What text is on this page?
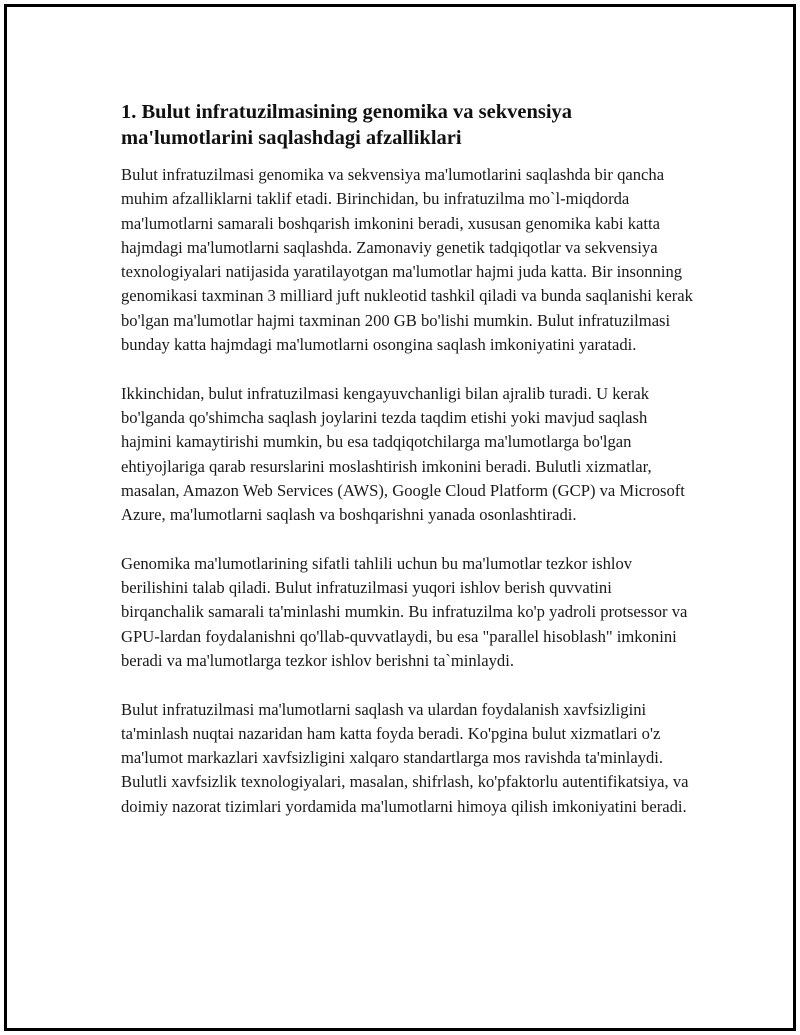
1. Bulut infratuzilmasining genomika va sekvensiya ma'lumotlarini saqlashdagi afzalliklari

Bulut infratuzilmasi genomika va sekvensiya ma'lumotlarini saqlashda bir qancha muhim afzalliklarni taklif etadi. Birinchidan, bu infratuzilma mo`l-miqdorda ma'lumotlarni samarali boshqarish imkonini beradi, xususan genomika kabi katta hajmdagi ma'lumotlarni saqlashda. Zamonaviy genetik tadqiqotlar va sekvensiya texnologiyalari natijasida yaratilayotgan ma'lumotlar hajmi juda katta. Bir insonning genomikasi taxminan 3 milliard juft nukleotid tashkil qiladi va bunda saqlanishi kerak bo'lgan ma'lumotlar hajmi taxminan 200 GB bo'lishi mumkin. Bulut infratuzilmasi bunday katta hajmdagi ma'lumotlarni osongina saqlash imkoniyatini yaratadi.

Ikkinchidan, bulut infratuzilmasi kengayuvchanligi bilan ajralib turadi. U kerak bo'lganda qo'shimcha saqlash joylarini tezda taqdim etishi yoki mavjud saqlash hajmini kamaytirishi mumkin, bu esa tadqiqotchilarga ma'lumotlarga bo'lgan ehtiyojlariga qarab resurslarini moslashtirish imkonini beradi. Bulutli xizmatlar, masalan, Amazon Web Services (AWS), Google Cloud Platform (GCP) va Microsoft Azure, ma'lumotlarni saqlash va boshqarishni yanada osonlashtiradi.

Genomika ma'lumotlarining sifatli tahlili uchun bu ma'lumotlar tezkor ishlov berilishini talab qiladi. Bulut infratuzilmasi yuqori ishlov berish quvvatini birqanchalik samarali ta'minlashi mumkin. Bu infratuzilma ko'p yadroli protsessor va GPU-lardan foydalanishni qo'llab-quvvatlaydi, bu esa "parallel hisoblash" imkonini beradi va ma'lumotlarga tezkor ishlov berishni ta`minlaydi.

Bulut infratuzilmasi ma'lumotlarni saqlash va ulardan foydalanish xavfsizligini ta'minlash nuqtai nazaridan ham katta foyda beradi. Ko'pgina bulut xizmatlari o'z ma'lumot markazlari xavfsizligini xalqaro standartlarga mos ravishda ta'minlaydi. Bulutli xavfsizlik texnologiyalari, masalan, shifrlash, ko'pfaktorlu autentifikatsiya, va doimiy nazorat tizimlari yordamida ma'lumotlarni himoya qilish imkoniyatini beradi.
